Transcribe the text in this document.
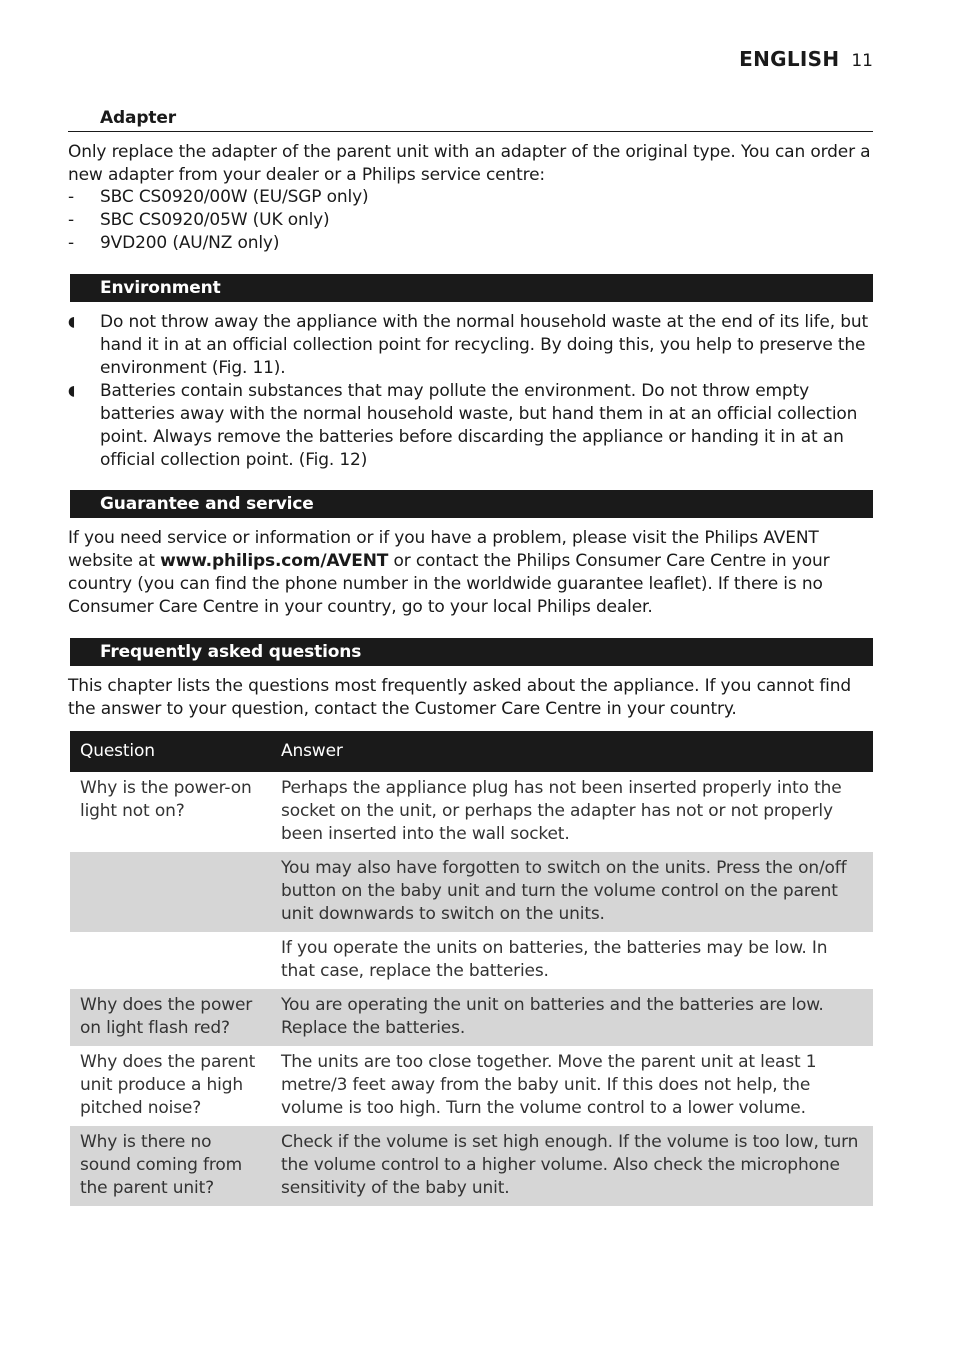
ENGLISH 11
Adapter

Only replace the adapter of the parent unit with an adapter of the original type. You can order a new adapter from your dealer or a Philips service centre:

- SBC CS0920/00W (EU/SGP only)
- SBC CS0920/05W (UK only)
- 9VD200 (AU/NZ only)
Environment
◖ Do not throw away the appliance with the normal household waste at the end of its life, but hand it in at an official collection point for recycling. By doing this, you help to preserve the environment (Fig. 11).
◖ Batteries contain substances that may pollute the environment. Do not throw empty batteries away with the normal household waste, but hand them in at an official collection point. Always remove the batteries before discarding the appliance or handing it in at an official collection point. (Fig. 12)
Guarantee and service

If you need service or information or if you have a problem, please visit the Philips AVENT website at www.philips.com/AVENT or contact the Philips Consumer Care Centre in your country (you can find the phone number in the worldwide guarantee leaflet). If there is no Consumer Care Centre in your country, go to your local Philips dealer.

Frequently asked questions

This chapter lists the questions most frequently asked about the appliance. If you cannot find the answer to your question, contact the Customer Care Centre in your country.

Question	Answer
Why is the power-on light not on?	Perhaps the appliance plug has not been inserted properly into the socket on the unit, or perhaps the adapter has not or not properly been inserted into the wall socket.
	You may also have forgotten to switch on the units. Press the on/off button on the baby unit and turn the volume control on the parent unit downwards to switch on the units.
	If you operate the units on batteries, the batteries may be low. In that case, replace the batteries.
Why does the power on light flash red?	You are operating the unit on batteries and the batteries are low. Replace the batteries.
Why does the parent unit produce a high pitched noise?	The units are too close together. Move the parent unit at least 1 metre/3 feet away from the baby unit. If this does not help, the volume is too high. Turn the volume control to a lower volume.
Why is there no sound coming from the parent unit?	Check if the volume is set high enough. If the volume is too low, turn the volume control to a higher volume. Also check the microphone sensitivity of the baby unit.
